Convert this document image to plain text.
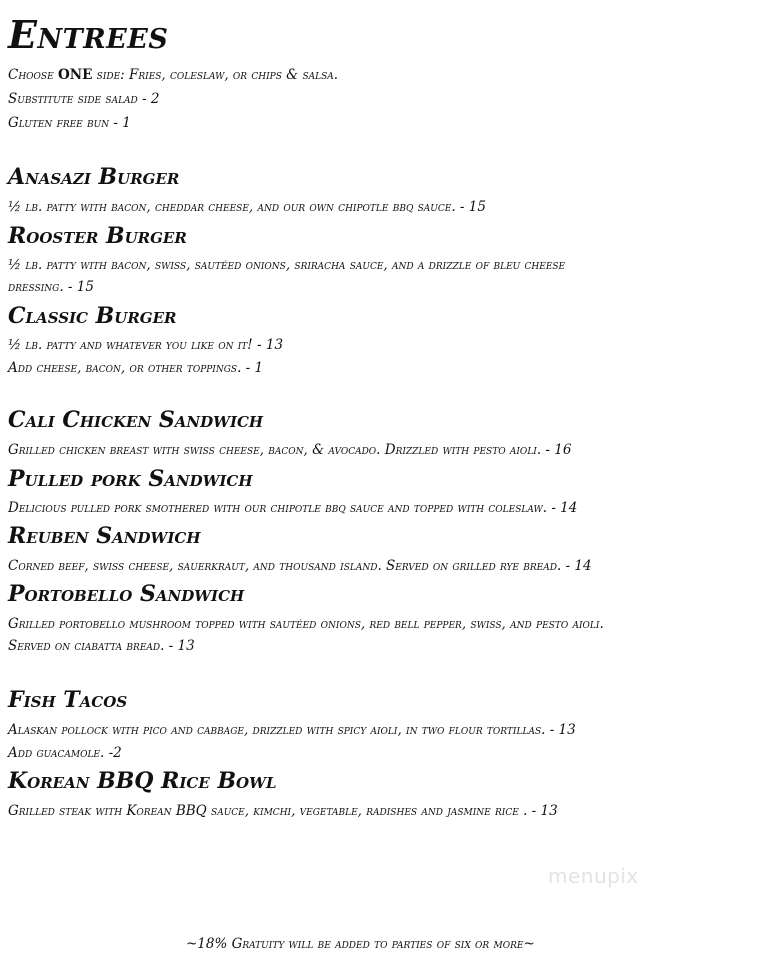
Entrees

Choose ONE side: Fries, coleslaw, or chips & salsa.

Substitute side salad - 2

Gluten free bun - 1

Anasazi Burger

½ lb. patty with bacon, cheddar cheese, and our own chipotle bbq sauce. - 15

Rooster Burger

½ lb. patty with bacon, swiss, sautéed onions, sriracha sauce, and a drizzle of bleu cheese

dressing. - 15

Classic Burger

½ lb. patty and whatever you like on it! - 13

Add cheese, bacon, or other toppings. - 1

Cali Chicken Sandwich

Grilled chicken breast with swiss cheese, bacon, & avocado. Drizzled with pesto aioli. - 16

Pulled pork Sandwich

Delicious pulled pork smothered with our chipotle bbq sauce and topped with coleslaw. - 14

Reuben Sandwich

Corned beef, swiss cheese, sauerkraut, and thousand island. Served on grilled rye bread. - 14

Portobello Sandwich

Grilled portobello mushroom topped with sautéed onions, red bell pepper, swiss, and pesto aioli.

Served on ciabatta bread. - 13

Fish Tacos

Alaskan pollock with pico and cabbage, drizzled with spicy aioli, in two flour tortillas. - 13

Add guacamole. -2

Korean BBQ Rice Bowl

Grilled steak with Korean BBQ sauce, kimchi, vegetable, radishes and jasmine rice . - 13

menupix

~18% Gratuity will be added to parties of six or more~
